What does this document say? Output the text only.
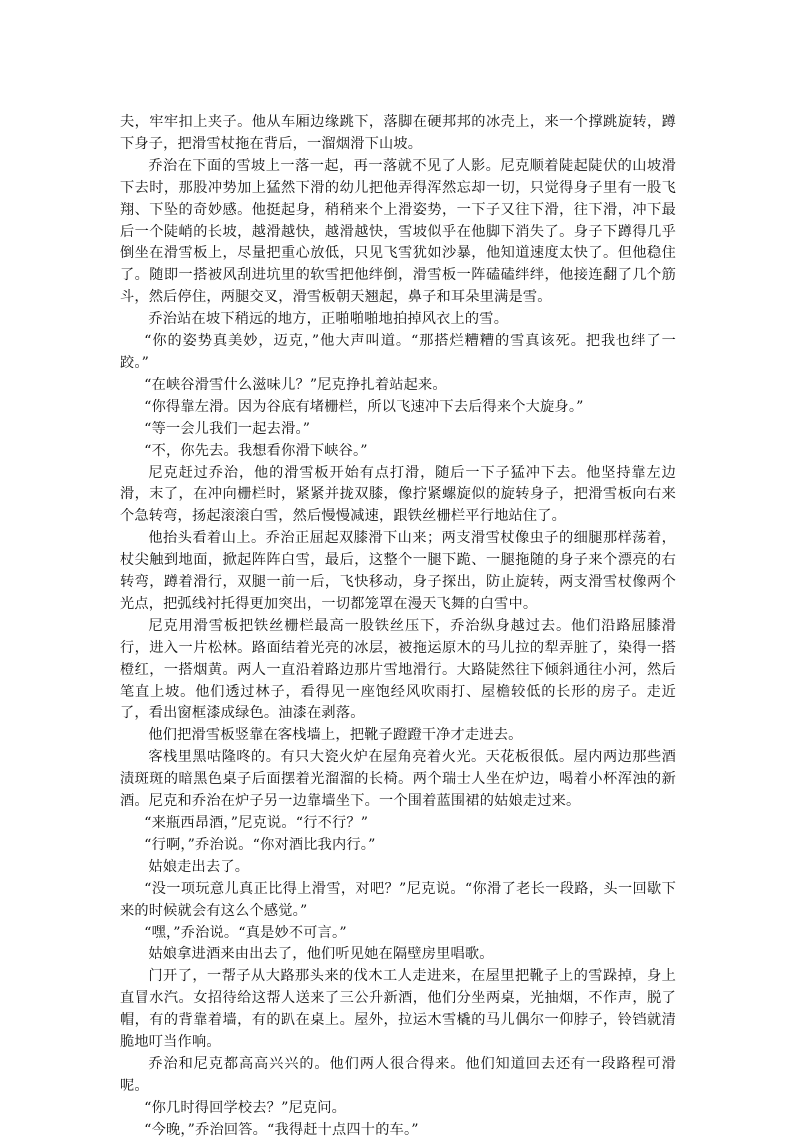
夫，牢牢扣上夹子。他从车厢边缘跳下，落脚在硬邦邦的冰壳上，来一个撑跳旋转，蹲下身子，把滑雪杖拖在背后，一溜烟滑下山坡。

乔治在下面的雪坡上一落一起，再一落就不见了人影。尼克顺着陡起陡伏的山坡滑下去时，那股冲势加上猛然下滑的幼儿把他弄得浑然忘却一切，只觉得身子里有一股飞翔、下坠的奇妙感。他挺起身，稍稍来个上滑姿势，一下子又往下滑，往下滑，冲下最后一个陡峭的长坡，越滑越快，越滑越快，雪坡似乎在他脚下消失了。身子下蹲得几乎倒坐在滑雪板上，尽量把重心放低，只见飞雪犹如沙暴，他知道速度太快了。但他稳住了。随即一搭被风刮进坑里的软雪把他绊倒，滑雪板一阵磕磕绊绊，他接连翻了几个筋斗，然后停住，两腿交叉，滑雪板朝天翘起，鼻子和耳朵里满是雪。

乔治站在坡下稍远的地方，正啪啪啪地拍掉风衣上的雪。

“你的姿势真美妙，迈克，”他大声叫道。“那搭烂糟糟的雪真该死。把我也绊了一跤。”

“在峡谷滑雪什么滋味儿？”尼克挣扎着站起来。

“你得靠左滑。因为谷底有堵栅栏，所以飞速冲下去后得来个大旋身。”

“等一会儿我们一起去滑。”

“不，你先去。我想看你滑下峡谷。”

尼克赶过乔治，他的滑雪板开始有点打滑，随后一下子猛冲下去。他坚持靠左边滑，末了，在冲向栅栏时，紧紧并拢双膝，像拧紧螺旋似的旋转身子，把滑雪板向右来个急转弯，扬起滚滚白雪，然后慢慢减速，跟铁丝栅栏平行地站住了。

他抬头看着山上。乔治正屈起双膝滑下山来；两支滑雪杖像虫子的细腿那样荡着，杖尖触到地面，掀起阵阵白雪，最后，这整个一腿下跪、一腿拖随的身子来个漂亮的右转弯，蹲着滑行，双腿一前一后，飞快移动，身子探出，防止旋转，两支滑雪杖像两个光点，把弧线衬托得更加突出，一切都笼罩在漫天飞舞的白雪中。

尼克用滑雪板把铁丝栅栏最高一股铁丝压下，乔治纵身越过去。他们沿路屈膝滑行，进入一片松林。路面结着光亮的冰层，被拖运原木的马儿拉的犁弄脏了，染得一搭橙红，一搭烟黄。两人一直沿着路边那片雪地滑行。大路陡然往下倾斜通往小河，然后笔直上坡。他们透过林子，看得见一座饱经风吹雨打、屋檐较低的长形的房子。走近了，看出窗框漆成绿色。油漆在剥落。

他们把滑雪板竖靠在客栈墙上，把靴子蹬蹬干净才走进去。

客栈里黑咕隆咚的。有只大瓷火炉在屋角亮着火光。天花板很低。屋内两边那些酒渍斑斑的暗黑色桌子后面摆着光溜溜的长椅。两个瑞士人坐在炉边，喝着小杯浑浊的新酒。尼克和乔治在炉子另一边靠墙坐下。一个围着蓝围裙的姑娘走过来。

“来瓶西昂酒，”尼克说。“行不行？”

“行啊，”乔治说。“你对酒比我内行。”

姑娘走出去了。

“没一项玩意儿真正比得上滑雪，对吧？”尼克说。“你滑了老长一段路，头一回歇下来的时候就会有这么个感觉。”

“嘿，”乔治说。“真是妙不可言。”

姑娘拿进酒来由出去了，他们听见她在隔壁房里唱歌。

门开了，一帮子从大路那头来的伐木工人走进来，在屋里把靴子上的雪跺掉，身上直冒水汽。女招待给这帮人送来了三公升新酒，他们分坐两桌，光抽烟，不作声，脱了帽，有的背靠着墙，有的趴在桌上。屋外，拉运木雪橇的马儿偶尔一仰脖子，铃铛就清脆地叮当作响。

乔治和尼克都高高兴兴的。他们两人很合得来。他们知道回去还有一段路程可滑呢。

“你几时得回学校去？”尼克问。

“今晚，”乔治回答。“我得赶十点四十的车。”
